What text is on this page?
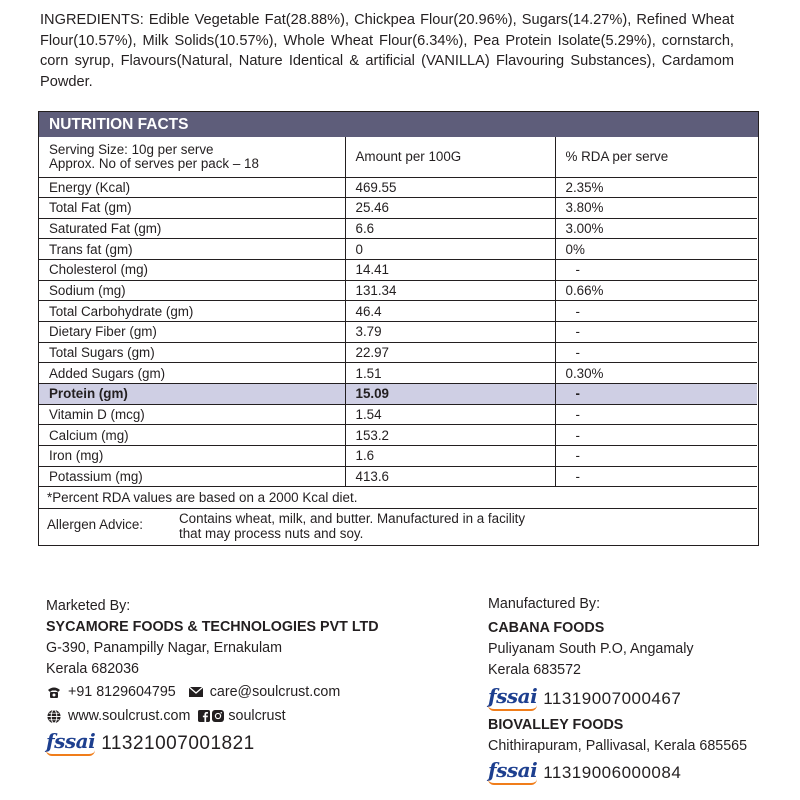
INGREDIENTS: Edible Vegetable Fat(28.88%), Chickpea Flour(20.96%), Sugars(14.27%), Refined Wheat Flour(10.57%), Milk Solids(10.57%), Whole Wheat Flour(6.34%), Pea Protein Isolate(5.29%), cornstarch, corn syrup, Flavours(Natural, Nature Identical & artificial (VANILLA) Flavouring Substances), Cardamom Powder.
NUTRITION FACTS
Serving Size: 10g per serve
Approx. No of serves per pack – 18	Amount per 100G	% RDA per serve
Energy (Kcal)	469.55	2.35%
Total Fat (gm)	25.46	3.80%
Saturated Fat (gm)	6.6	3.00%
Trans fat (gm)	0	0%
Cholesterol (mg)	14.41	-
Sodium (mg)	131.34	0.66%
Total Carbohydrate (gm)	46.4	-
Dietary Fiber (gm)	3.79	-
Total Sugars (gm)	22.97	-
Added Sugars (gm)	1.51	0.30%
Protein (gm)	15.09	-
Vitamin D (mcg)	1.54	-
Calcium (mg)	153.2	-
Iron (mg)	1.6	-
Potassium (mg)	413.6	-
*Percent RDA values are based on a 2000 Kcal diet.		

Allergen Advice: Contains wheat, milk, and butter. Manufactured in a facility
that may process nuts and soy.		
Marketed By:
SYCAMORE FOODS & TECHNOLOGIES PVT LTD
G-390, Panampilly Nagar, Ernakulam
Kerala 682036
+91 8129604795 care@soulcrust.com
www.soulcrust.com	soulcrust
fssai 11321007001821
Manufactured By:
CABANA FOODS
Puliyanam South P.O, Angamaly
Kerala 683572
fssai 11319007000467
BIOVALLEY FOODS
Chithirapuram, Pallivasal, Kerala 685565
fssai 11319006000084
